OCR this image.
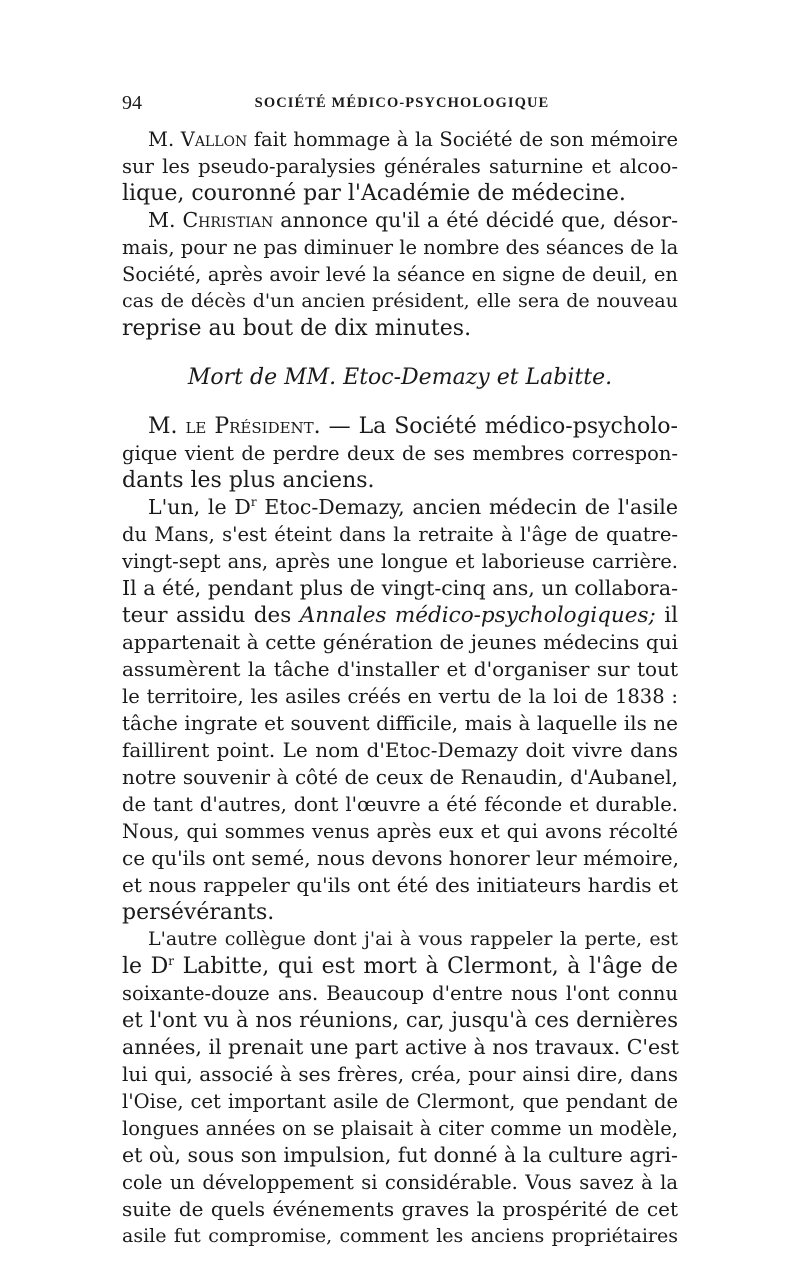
94	SOCIÉTÉ MÉDICO-PSYCHOLOGIQUE
M. Vallon fait hommage à la Société de son mémoire
sur les pseudo-paralysies générales saturnine et alcoo-
lique, couronné par l'Académie de médecine.
M. Christian annonce qu'il a été décidé que, désor-
mais, pour ne pas diminuer le nombre des séances de la
Société, après avoir levé la séance en signe de deuil, en
cas de décès d'un ancien président, elle sera de nouveau
reprise au bout de dix minutes.
Mort de MM. Etoc-Demazy et Labitte.
M. le Président. — La Société médico-psycholo-
gique vient de perdre deux de ses membres correspon-
dants les plus anciens.
L'un, le $D^r$ Etoc-Demazy, ancien médecin de l'asile
du Mans, s'est éteint dans la retraite à l'âge de quatre-
vingt-sept ans, après une longue et laborieuse carrière.
Il a été, pendant plus de vingt-cinq ans, un collabora-
teur assidu des Annales médico-psychologiques; il
appartenait à cette génération de jeunes médecins qui
assumèrent la tâche d'installer et d'organiser sur tout
le territoire, les asiles créés en vertu de la loi de 1838 :
tâche ingrate et souvent difficile, mais à laquelle ils ne
faillirent point. Le nom d'Etoc-Demazy doit vivre dans
notre souvenir à côté de ceux de Renaudin, d'Aubanel,
de tant d'autres, dont l'œuvre a été féconde et durable.
Nous, qui sommes venus après eux et qui avons récolté
ce qu'ils ont semé, nous devons honorer leur mémoire,
et nous rappeler qu'ils ont été des initiateurs hardis et
persévérants.
L'autre collègue dont j'ai à vous rappeler la perte, est
le $D^r$ Labitte, qui est mort à Clermont, à l'âge de
soixante-douze ans. Beaucoup d'entre nous l'ont connu
et l'ont vu à nos réunions, car, jusqu'à ces dernières
années, il prenait une part active à nos travaux. C'est
lui qui, associé à ses frères, créa, pour ainsi dire, dans
l'Oise, cet important asile de Clermont, que pendant de
longues années on se plaisait à citer comme un modèle,
et où, sous son impulsion, fut donné à la culture agri-
cole un développement si considérable. Vous savez à la
suite de quels événements graves la prospérité de cet
asile fut compromise, comment les anciens propriétaires
